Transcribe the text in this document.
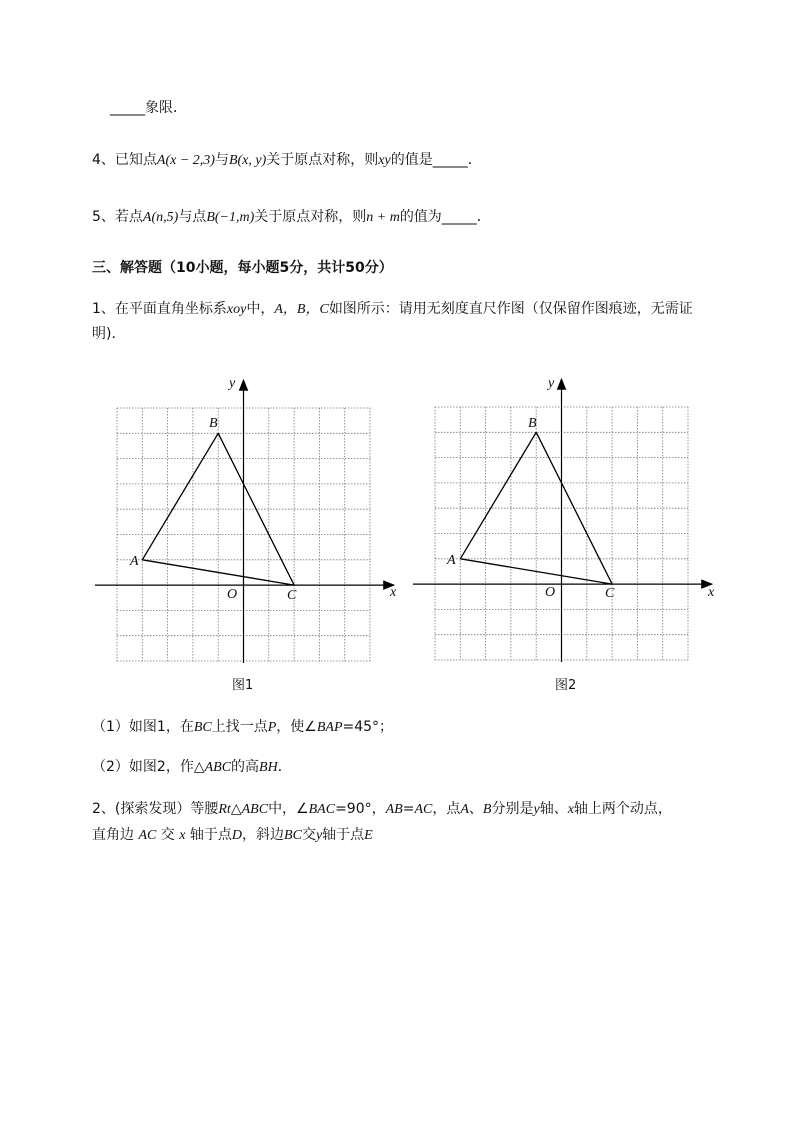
_____象限．
4、已知点A(x − 2,3)与B(x, y)关于原点对称，则xy的值是_____．
5、若点A(n,5)与点B(−1,m)关于原点对称，则n + m的值为_____．
三、解答题（10小题，每小题5分，共计50分）
1、在平面直角坐标系xoy中，A，B，C如图所示：请用无刻度直尺作图（仅保留作图痕迹，无需证
明)．
y
x
O
A
B
C
图1
y
x
O
A
B
C
图2
（1）如图1，在BC上找一点P，使∠BAP=45°；
（2）如图2，作△ABC的高BH．
2、(探索发现）等腰Rt△ABC中，∠BAC=90°，AB=AC，点A、B分别是y轴、x轴上两个动点，
直角边 AC 交 x 轴于点D，斜边BC交y轴于点E
